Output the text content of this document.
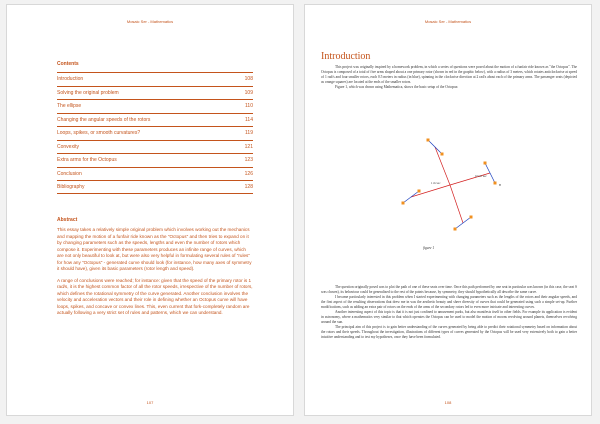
Mosaic Ser - Mathematics
Contents
Introduction	108
Solving the original problem	109
The ellipse	110
Changing the angular speeds of the rotors	114
Loops, spikes, or smooth curvatures?	119
Convexity	121
Extra arms for the Octopus	123
Conclusion	126
Bibliography	128
Abstract

This essay takes a relatively simple original problem which involves working out the mechanics and mapping the motion of a funfair ride known as the "Octopus" and then tries to expand on it by changing parameters such as the speeds, lengths and even the number of rotors which compose it. Experimenting with these parameters produces an infinite range of curves, which are not only beautiful to look at, but were also very helpful in formulating several rules of "rules" for how any "Octopus" - generated curve should look (for instance, how many axes of symmetry it should have), given its basic parameters (rotor length and speed).

A range of conclusions were reached; for instance: given that the speed of the primary rotor is 1 rad/s, it is the highest common factor of all the rotor speeds, irrespective of the number of rotors, which defines the rotational symmetry of the curve generated. Another conclusion involves the velocity and acceleration vectors and their role in defining whether an Octopus curve will have loops, spikes, and concave or convex lines. This, even current that fork-completely random are actually following a very strict set of rules and patterns, which we can understand.

107
Mosaic Ser - Mathematics
Introduction

This project was originally inspired by a homework problem, in which a series of questions were posed about the motion of a funfair ride known as "the Octopus". The Octopus is composed of a total of five arms shaped about a one primary rotor (shown in red in the graphic below), with a radius of 3 meters, which rotates anticlockwise at speed of 1 rad/s and four smaller rotors, each 0.5 meters in radius (in blue), spinning in the clockwise direction at 2 rad/s about each of the primary arms. The passenger seats (depicted as orange squares) are located at the ends of the smaller rotors.

Figure 1, which was drawn using Mathematica, shows the basic setup of the Octopus:

1 m·sec
0.5 m·sec
B
figure 1

The question originally posed was to plot the path of one of these seats over time. Once this path performed by one seat in particular was known (in this case, the seat S was chosen), its behaviour could be generalized to the rest of the points because, by symmetry, they should hypothetically all describe the same curve.

I became particularly interested in this problem when I started experimenting with changing parameters such as the lengths of the rotors and their angular speeds, and the first aspect of the resulting observations that drew me in was the aesthetic beauty and sheer diversity of curves that could be generated using such a simple set-up. Further modifications, such as adding an extra pair of rotors on the ends of the arms of the secondary rotors led to even more intricate and interesting curves.

Another interesting aspect of this topic is that it is not just confined to amusement parks, but also manifests itself in other fields. For example its application is evident in astronomy, where a mathematics very similar to that which operates the Octopus can be used to model the motion of moons revolving around planets, themselves revolving around the sun.

The principal aim of this project is to gain better understanding of the curves generated by being able to predict their rotational symmetry based on information about the rotors and their speeds. Throughout the investigation, illustrations of different types of curves generated by the Octopus will be used very extensively both to gain a better intuitive understanding and to test my hypotheses, once they have been formulated.

108
